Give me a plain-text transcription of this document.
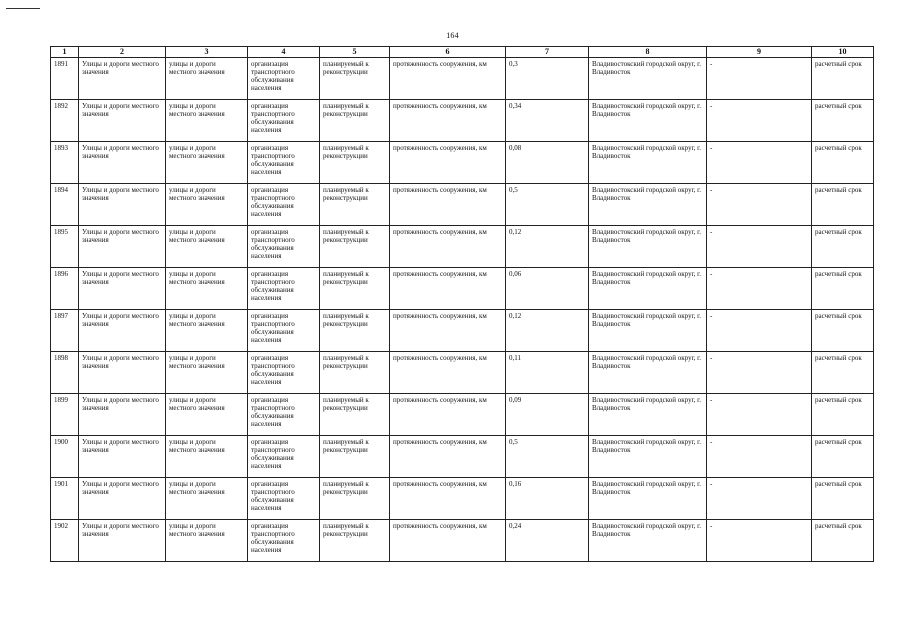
164
1	2	3	4	5	6	7	8	9	10
1891	Улицы и дороги местного значения	улицы и дороги местного значения	организация транспортного обслуживания населения	планируемый к реконструкции	протяженность сооружения, км	0,3	Владивостокский городской округ, г. Владивосток	-	расчетный срок
1892	Улицы и дороги местного значения	улицы и дороги местного значения	организация транспортного обслуживания населения	планируемый к реконструкции	протяженность сооружения, км	0,34	Владивостокский городской округ, г. Владивосток	-	расчетный срок
1893	Улицы и дороги местного значения	улицы и дороги местного значения	организация транспортного обслуживания населения	планируемый к реконструкции	протяженность сооружения, км	0,08	Владивостокский городской округ, г. Владивосток	-	расчетный срок
1894	Улицы и дороги местного значения	улицы и дороги местного значения	организация транспортного обслуживания населения	планируемый к реконструкции	протяженность сооружения, км	0,5	Владивостокский городской округ, г. Владивосток	-	расчетный срок
1895	Улицы и дороги местного значения	улицы и дороги местного значения	организация транспортного обслуживания населения	планируемый к реконструкции	протяженность сооружения, км	0,12	Владивостокский городской округ, г. Владивосток	-	расчетный срок
1896	Улицы и дороги местного значения	улицы и дороги местного значения	организация транспортного обслуживания населения	планируемый к реконструкции	протяженность сооружения, км	0,06	Владивостокский городской округ, г. Владивосток	-	расчетный срок
1897	Улицы и дороги местного значения	улицы и дороги местного значения	организация транспортного обслуживания населения	планируемый к реконструкции	протяженность сооружения, км	0,12	Владивостокский городской округ, г. Владивосток	-	расчетный срок
1898	Улицы и дороги местного значения	улицы и дороги местного значения	организация транспортного обслуживания населения	планируемый к реконструкции	протяженность сооружения, км	0,11	Владивостокский городской округ, г. Владивосток	-	расчетный срок
1899	Улицы и дороги местного значения	улицы и дороги местного значения	организация транспортного обслуживания населения	планируемый к реконструкции	протяженность сооружения, км	0,09	Владивостокский городской округ, г. Владивосток	-	расчетный срок
1900	Улицы и дороги местного значения	улицы и дороги местного значения	организация транспортного обслуживания населения	планируемый к реконструкции	протяженность сооружения, км	0,5	Владивостокский городской округ, г. Владивосток	-	расчетный срок
1901	Улицы и дороги местного значения	улицы и дороги местного значения	организация транспортного обслуживания населения	планируемый к реконструкции	протяженность сооружения, км	0,16	Владивостокский городской округ, г. Владивосток	-	расчетный срок
1902	Улицы и дороги местного значения	улицы и дороги местного значения	организация транспортного обслуживания населения	планируемый к реконструкции	протяженность сооружения, км	0,24	Владивостокский городской округ, г. Владивосток	-	расчетный срок
